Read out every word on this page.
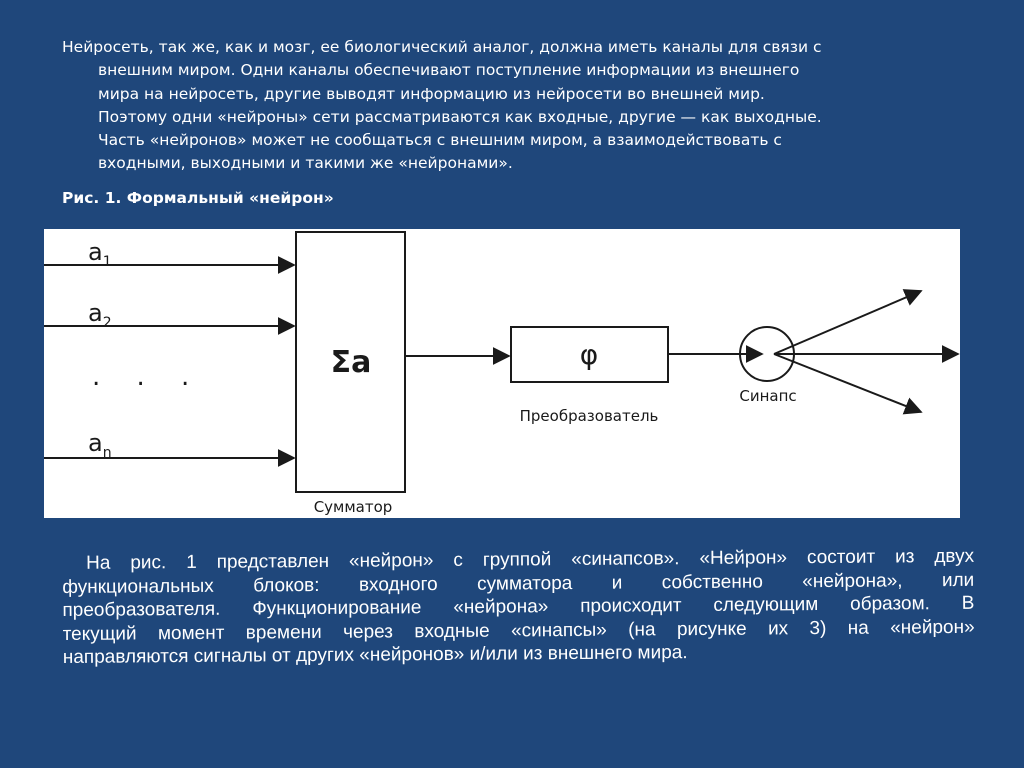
Нейросеть, так же, как и мозг, ее биологический аналог, должна иметь каналы для связи с
внешним миром. Одни каналы обеспечивают поступление информации из внешнего
мира на нейросеть, другие выводят информацию из нейросети во внешней мир.
Поэтому одни «нейроны» сети рассматриваются как входные, другие — как выходные.
Часть «нейронов» может не сообщаться с внешним миром, а взаимодействовать с
входными, выходными и такими же «нейронами».
Рис. 1. Формальный «нейрон»
$a_1$
$a_2$
. . .
$a_n$
Σa
Сумматор
φ
Преобразователь
Синапс
На рис. 1 представлен «нейрон» с группой «синапсов». «Нейрон» состоит из двух
функциональных блоков: входного сумматора и собственно «нейрона», или
преобразователя. Функционирование «нейрона» происходит следующим образом. В
текущий момент времени через входные «синапсы» (на рисунке их 3) на «нейрон»
направляются сигналы от других «нейронов» и/или из внешнего мира.
